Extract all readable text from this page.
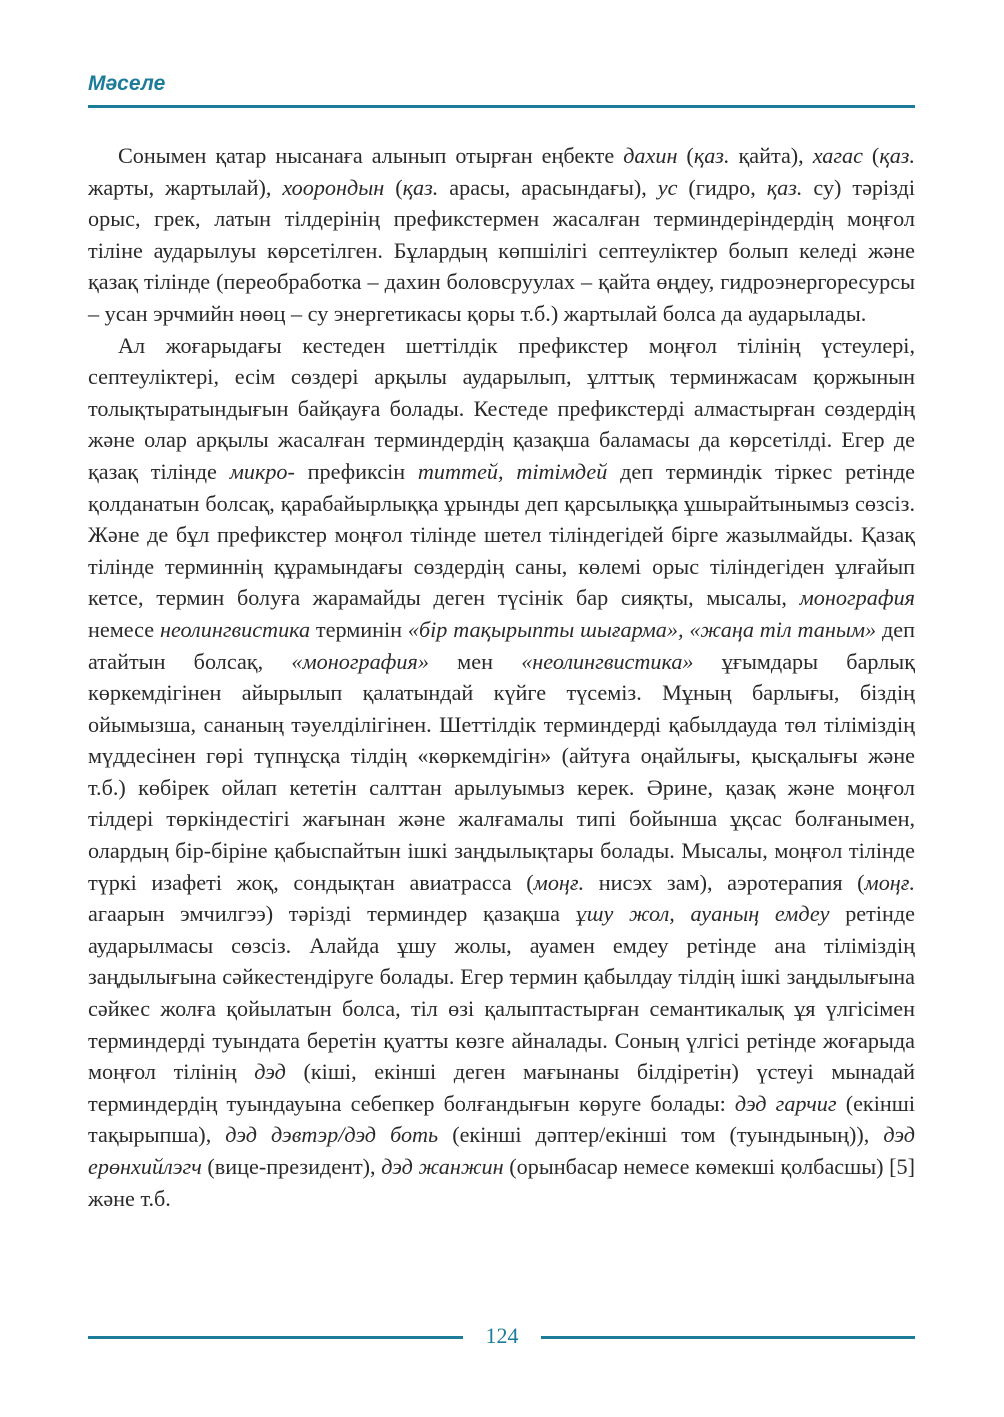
Мәселе

Сонымен қатар нысанаға алынып отырған еңбекте дахин (қаз. қайта), хагас (қаз. жарты, жартылай), хоорондын (қаз. арасы, арасындағы), ус (гидро, қаз. су) тәрізді орыс, грек, латын тілдерінің префикстермен жасалған терминдеріндердің моңғол тіліне аударылуы көрсетілген. Бұлардың көпшілігі септеуліктер болып келеді және қазақ тілінде (переобработка – дахин боловсруулах – қайта өңдеу, гидроэнергоресурсы – усан эрчмийн нөөц – су энергетикасы қоры т.б.) жартылай болса да аударылады.

Ал жоғарыдағы кестеден шеттілдік префикстер моңғол тілінің үстеулері, септеуліктері, есім сөздері арқылы аударылып, ұлттық терминжасам қоржынын толықтыратындығын байқауға болады. Кестеде префикстерді алмастырған сөздердің және олар арқылы жасалған терминдердің қазақша баламасы да көрсетілді. Егер де қазақ тілінде микро- префиксін титтей, тітімдей деп терминдік тіркес ретінде қолданатын болсақ, қарабайырлыққа ұрынды деп қарсылыққа ұшырайтынымыз сөзсіз. Және де бұл префикстер моңғол тілінде шетел тіліндегідей бірге жазылмайды. Қазақ тілінде терминнің құрамындағы сөздердің саны, көлемі орыс тіліндегіден ұлғайып кетсе, термин болуға жарамайды деген түсінік бар сияқты, мысалы, монография немесе неолингвистика терминін «бір тақырыпты шығарма», «жаңа тіл таным» деп атайтын болсақ, «монография» мен «неолингвистика» ұғымдары барлық көркемдігінен айырылып қалатындай күйге түсеміз. Мұның барлығы, біздің ойымызша, сананың тәуелділігінен. Шеттілдік терминдерді қабылдауда төл тіліміздің мүддесінен гөрі түпнұсқа тілдің «көркемдігін» (айтуға оңайлығы, қысқалығы және т.б.) көбірек ойлап кететін салттан арылуымыз керек. Әрине, қазақ және моңғол тілдері төркіндестігі жағынан және жалғамалы типі бойынша ұқсас болғанымен, олардың бір-біріне қабыспайтын ішкі заңдылықтары болады. Мысалы, моңғол тілінде түркі изафеті жоқ, сондықтан авиатрасса (моңғ. нисэх зам), аэротерапия (моңғ. агаарын эмчилгээ) тәрізді терминдер қазақша ұшу жол, ауаның емдеу ретінде аударылмасы сөзсіз. Алайда ұшу жолы, ауамен емдеу ретінде ана тіліміздің заңдылығына сәйкестендіруге болады. Егер термин қабылдау тілдің ішкі заңдылығына сәйкес жолға қойылатын болса, тіл өзі қалыптастырған семантикалық ұя үлгісімен терминдерді туындата беретін қуатты көзге айналады. Соның үлгісі ретінде жоғарыда моңғол тілінің дэд (кіші, екінші деген мағынаны білдіретін) үстеуі мынадай терминдердің туындауына себепкер болғандығын көруге болады: дэд гарчиг (екінші тақырыпша), дэд дэвтэр/дэд боть (екінші дәптер/екінші том (туындының)), дэд ерөнхийлэгч (вице-президент), дэд жанжин (орынбасар немесе көмекші қолбасшы) [5] және т.б.

124
